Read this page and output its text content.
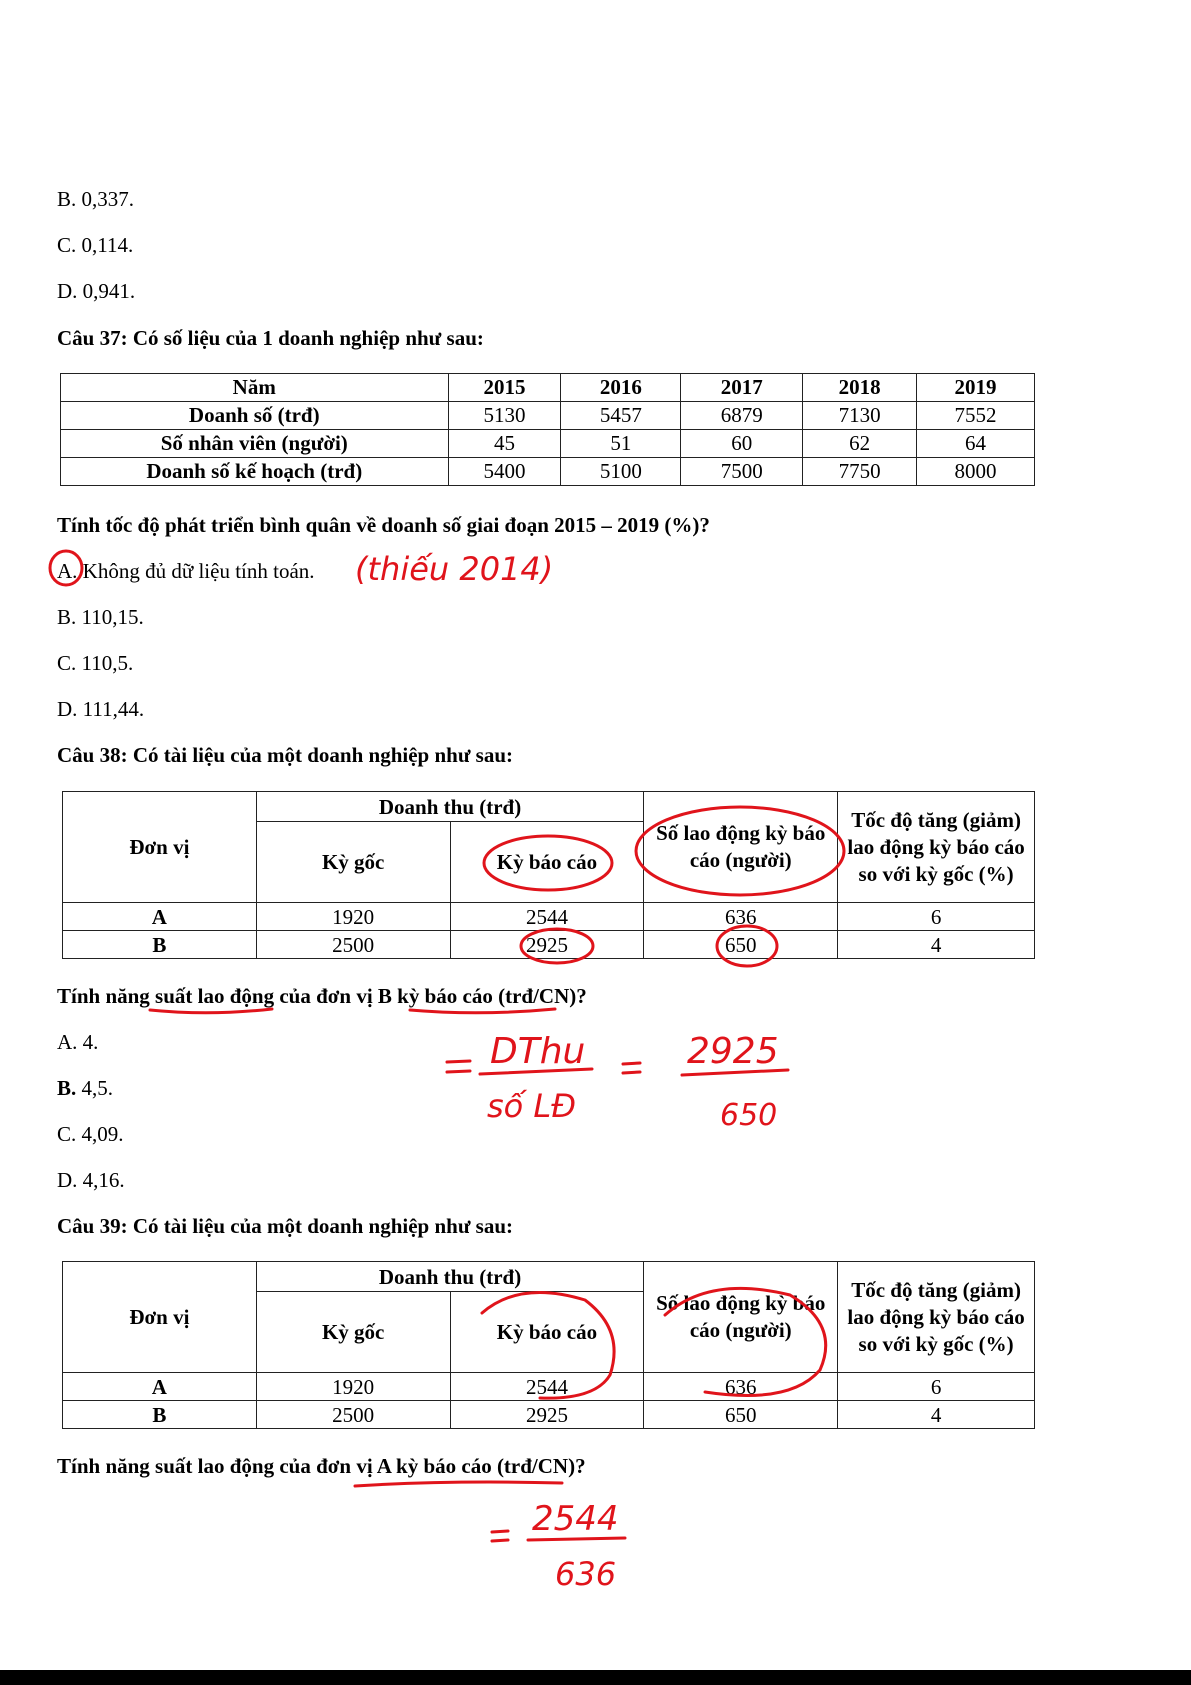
B. 0,337.
C. 0,114.
D. 0,941.
Câu 37: Có số liệu của 1 doanh nghiệp như sau:
Năm	2015	2016	2017	2018	2019
Doanh số (trđ)	5130	5457	6879	7130	7552
Số nhân viên (người)	45	51	60	62	64
Doanh số kế hoạch (trđ)	5400	5100	7500	7750	8000
Tính tốc độ phát triển bình quân về doanh số giai đoạn 2015 – 2019 (%)?
A. Không đủ dữ liệu tính toán.
B. 110,15.
C. 110,5.
D. 111,44.
Câu 38: Có tài liệu của một doanh nghiệp như sau:
Đơn vị	Doanh thu (trđ)		Số lao động kỳ báo cáo (người)	Tốc độ tăng (giảm) lao động kỳ báo cáo so với kỳ gốc (%)
	Kỳ gốc	Kỳ báo cáo		
A	1920	2544	636	6
B	2500	2925	650	4
Tính năng suất lao động của đơn vị B kỳ báo cáo (trđ/CN)?
A. 4.
B. 4,5.
C. 4,09.
D. 4,16.
Câu 39: Có tài liệu của một doanh nghiệp như sau:
Đơn vị	Doanh thu (trđ)		Số lao động kỳ báo cáo (người)	Tốc độ tăng (giảm) lao động kỳ báo cáo so với kỳ gốc (%)
	Kỳ gốc	Kỳ báo cáo		
A	1920	2544	636	6
B	2500	2925	650	4
Tính năng suất lao động của đơn vị A kỳ báo cáo (trđ/CN)?
(thiếu 2014)
DThu
số LĐ
2925
650
2544
636
